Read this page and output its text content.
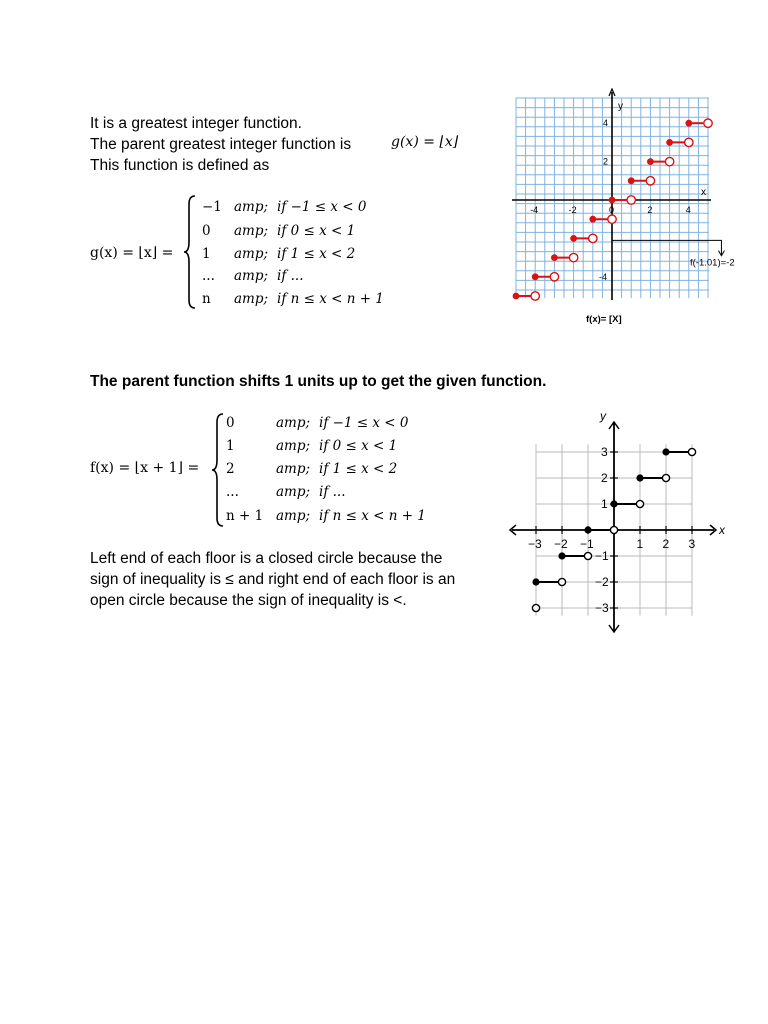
It is a greatest integer function.
The parent greatest integer function is	g(x) = ⌊x⌋
This function is defined as
g(x) = ⌊x⌋ =
−1 amp; if −1 ≤ x < 0
0 amp; if 0 ≤ x < 1
1 amp; if 1 ≤ x < 2
... amp; if ...
n amp; if n ≤ x < n + 1
y
x
-4	-2	0	2	4
4
2
-4
f(-1.01)=-2
f(x)= [X]
The parent function shifts 1 units up to get the given function.
f(x) = ⌊x + 1⌋ =
0	amp; if −1 ≤ x < 0
1	amp; if 0 ≤ x < 1
2	amp; if 1 ≤ x < 2
...	amp; if ...
n + 1 amp; if n ≤ x < n + 1
Left end of each floor is a closed circle because the
sign of inequality is ≤ and right end of each floor is an
open circle because the sign of inequality is <.
x
y
−3 −2 −1	1 2 3
3
2
1
−1
−2
−3
